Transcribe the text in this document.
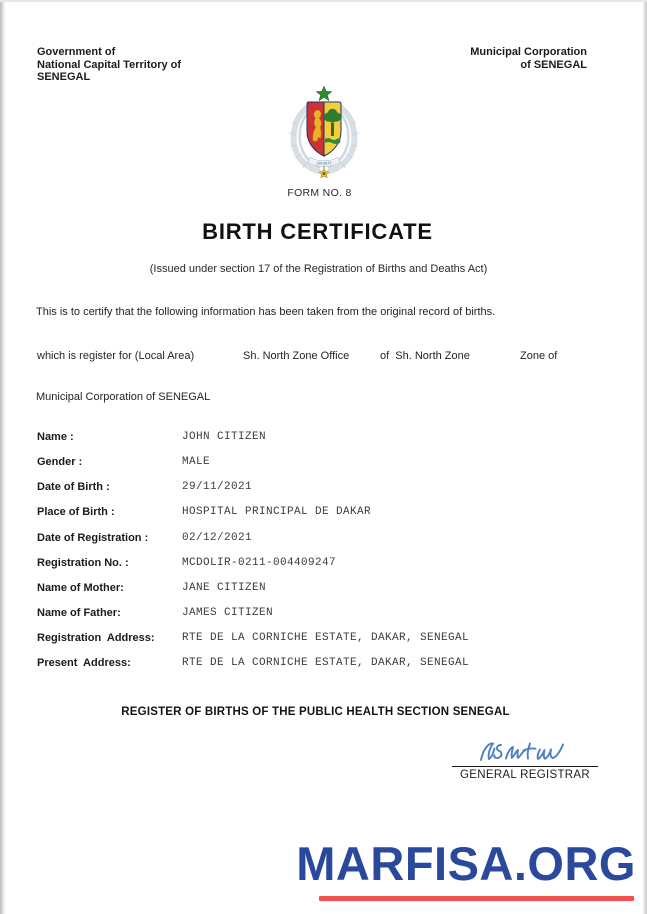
Government of
National Capital Territory of
SENEGAL
Municipal Corporation
of SENEGAL
UN BUT
FORM NO. 8
BIRTH CERTIFICATE
(Issued under section 17 of the Registration of Births and Deaths Act)
This is to certify that the following information has been taken from the original record of births.
which is register for (Local Area)	Sh. North Zone Office	of  Sh. North Zone	Zone of
Municipal Corporation of SENEGAL
Name :	JOHN CITIZEN
Gender :	MALE
Date of Birth :	29/11/2021
Place of Birth :	HOSPITAL PRINCIPAL DE DAKAR
Date of Registration :	02/12/2021
Registration No. :	MCDOLIR-0211-004409247
Name of Mother:	JANE CITIZEN
Name of Father:	JAMES CITIZEN
Registration  Address: RTE DE LA CORNICHE ESTATE, DAKAR, SENEGAL
Present  Address:	RTE DE LA CORNICHE ESTATE, DAKAR, SENEGAL
REGISTER OF BIRTHS OF THE PUBLIC HEALTH SECTION SENEGAL
GENERAL REGISTRAR
MARFISA.ORG
